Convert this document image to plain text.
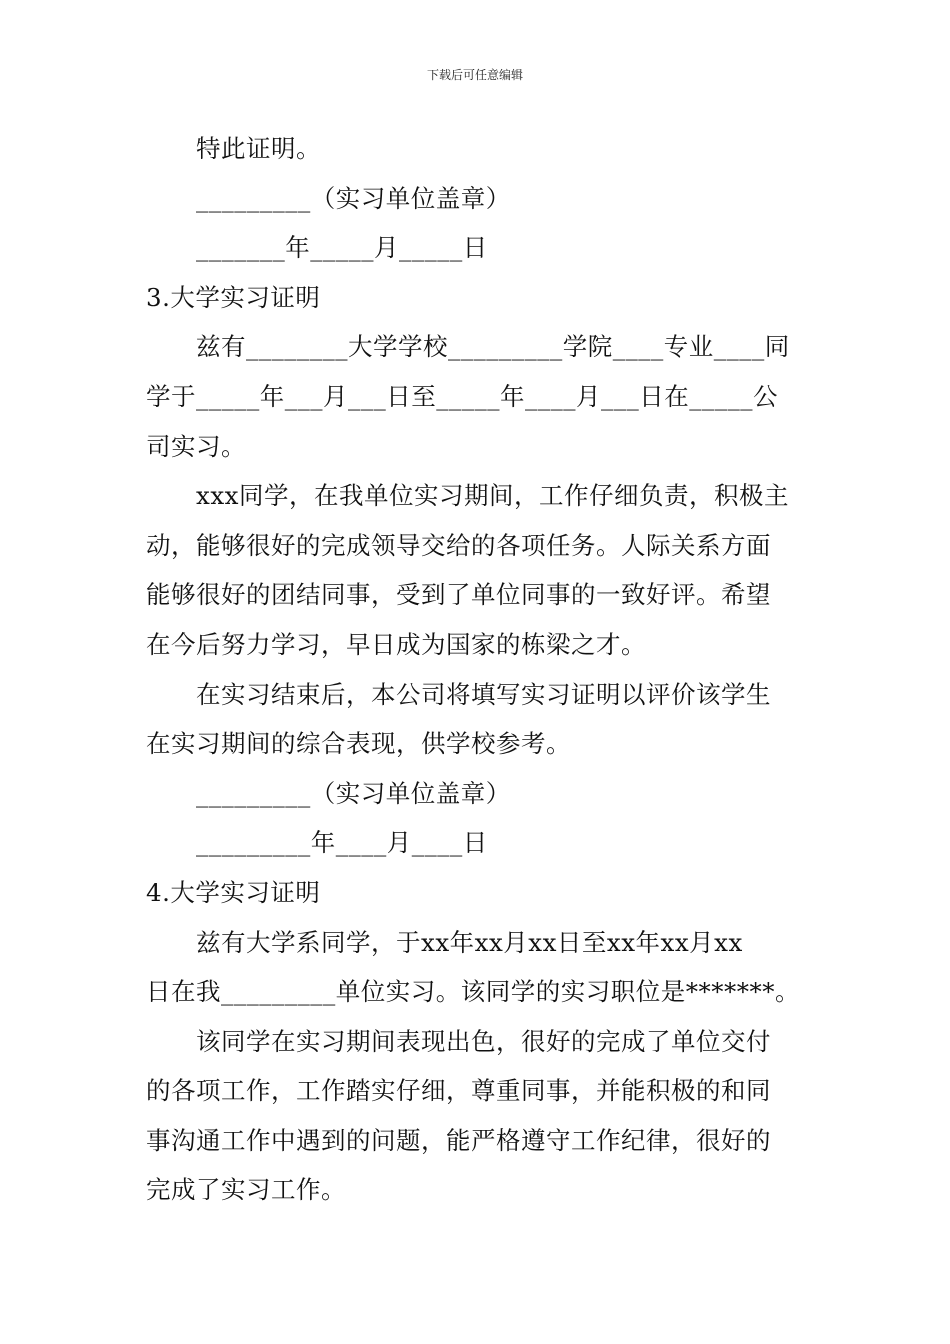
下载后可任意编辑

特此证明。

_________（实习单位盖章）

_______年_____月_____日

3.大学实习证明

兹有________大学学校_________学院____专业____同

学于_____年___月___日至_____年____月___日在_____公

司实习。

xxx同学，在我单位实习期间，工作仔细负责，积极主

动，能够很好的完成领导交给的各项任务。人际关系方面

能够很好的团结同事，受到了单位同事的一致好评。希望

在今后努力学习，早日成为国家的栋梁之才。

在实习结束后，本公司将填写实习证明以评价该学生

在实习期间的综合表现，供学校参考。

_________（实习单位盖章）

_________年____月____日

4.大学实习证明

兹有大学系同学，于xx年xx月xx日至xx年xx月xx

日在我_________单位实习。该同学的实习职位是*******。

该同学在实习期间表现出色，很好的完成了单位交付

的各项工作，工作踏实仔细，尊重同事，并能积极的和同

事沟通工作中遇到的问题，能严格遵守工作纪律，很好的

完成了实习工作。
